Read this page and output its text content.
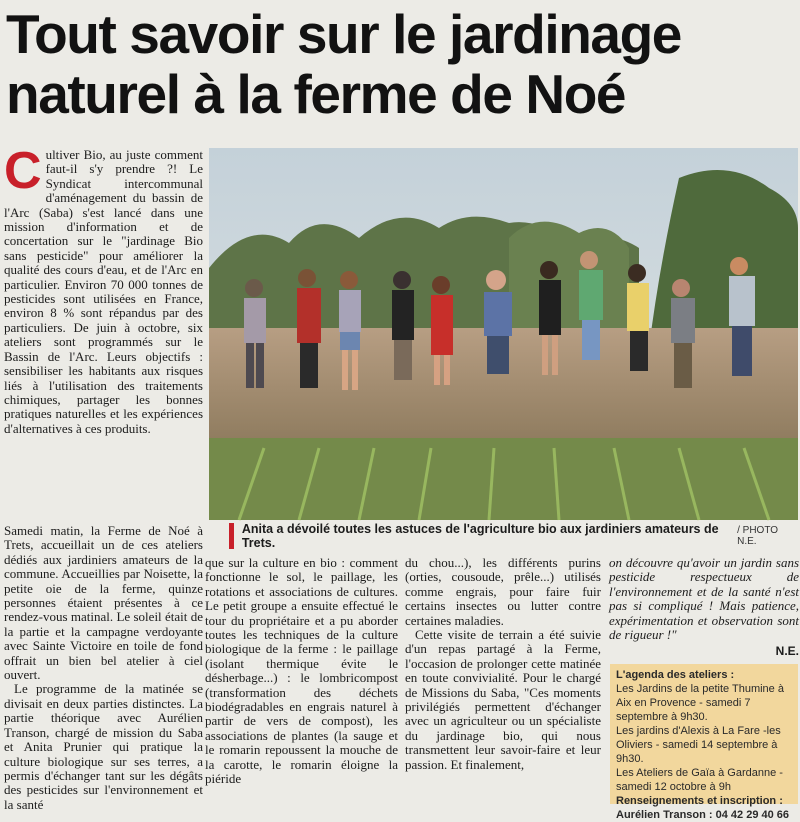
Tout savoir sur le jardinage
naturel à la ferme de Noé

C ultiver Bio, au juste comment faut-il s'y prendre ?! Le Syndicat intercommunal d'aménagement du bassin de l'Arc (Saba) s'est lancé dans une mission d'information et de concertation sur le "jardinage Bio sans pesticide" pour améliorer la qualité des cours d'eau, et de l'Arc en particulier. Environ 70 000 tonnes de pesticides sont utilisées en France, environ 8 % sont répandus par des particuliers. De juin à octobre, six ateliers sont programmés sur le Bassin de l'Arc. Leurs objectifs : sensibiliser les habitants aux risques liés à l'utilisation des traitements chimiques, partager les bonnes pratiques naturelles et les expériences d'alternatives à ces produits.

Samedi matin, la Ferme de Noé à Trets, accueillait un de ces ateliers dédiés aux jardiniers amateurs de la commune. Accueillies par Noisette, la petite oie de la ferme, quinze personnes étaient présentes à ce rendez-vous matinal. Le soleil était de la partie et la campagne verdoyante avec Sainte Victoire en toile de fond offrait un bien bel atelier à ciel ouvert.

Le programme de la matinée se divisait en deux parties distinctes. La partie théorique avec Aurélien Transon, chargé de mission du Saba et Anita Prunier qui pratique la culture biologique sur ses terres, a permis d'échanger tant sur les dégâts des pesticides sur l'environnement et la santé

Anita a dévoilé toutes les astuces de l'agriculture bio aux jardiniers amateurs de Trets.
/ PHOTO N.E.

que sur la culture en bio : comment fonctionne le sol, le paillage, les rotations et associations de cultures. Le petit groupe a ensuite effectué le tour du propriétaire et a pu aborder toutes les techniques de la culture biologique de la ferme : le paillage (isolant thermique évite le désherbage...) : le lombricompost (transformation des déchets biodégradables en engrais naturel à partir de vers de compost), les associations de plantes (la sauge et le romarin repoussent la mouche de la carotte, le romarin éloigne la piéride

du chou...), les différents purins (orties, cousoude, prêle...) utilisés comme engrais, pour faire fuir certains insectes ou lutter contre certaines maladies.

Cette visite de terrain a été suivie d'un repas partagé à la Ferme, l'occasion de prolonger cette matinée en toute convivialité. Pour le chargé de Missions du Saba, "Ces moments privilégiés permettent d'échanger avec un agriculteur ou un spécialiste du jardinage bio, qui nous transmettent leur savoir-faire et leur passion. Et finalement,

on découvre qu'avoir un jardin sans pesticide respectueux de l'environnement et de la santé n'est pas si compliqué ! Mais patience, expérimentation et observation sont de rigueur !"

N.E.
L'agenda des ateliers :
Les Jardins de la petite Thumine à Aix en Provence - samedi 7 septembre à 9h30.
Les jardins d'Alexis à La Fare -les Oliviers - samedi 14 septembre à 9h30.
Les Ateliers de Gaïa à Gardanne - samedi 12 octobre à 9h
Renseignements et inscription : Aurélien Transon : 04 42 29 40 66
